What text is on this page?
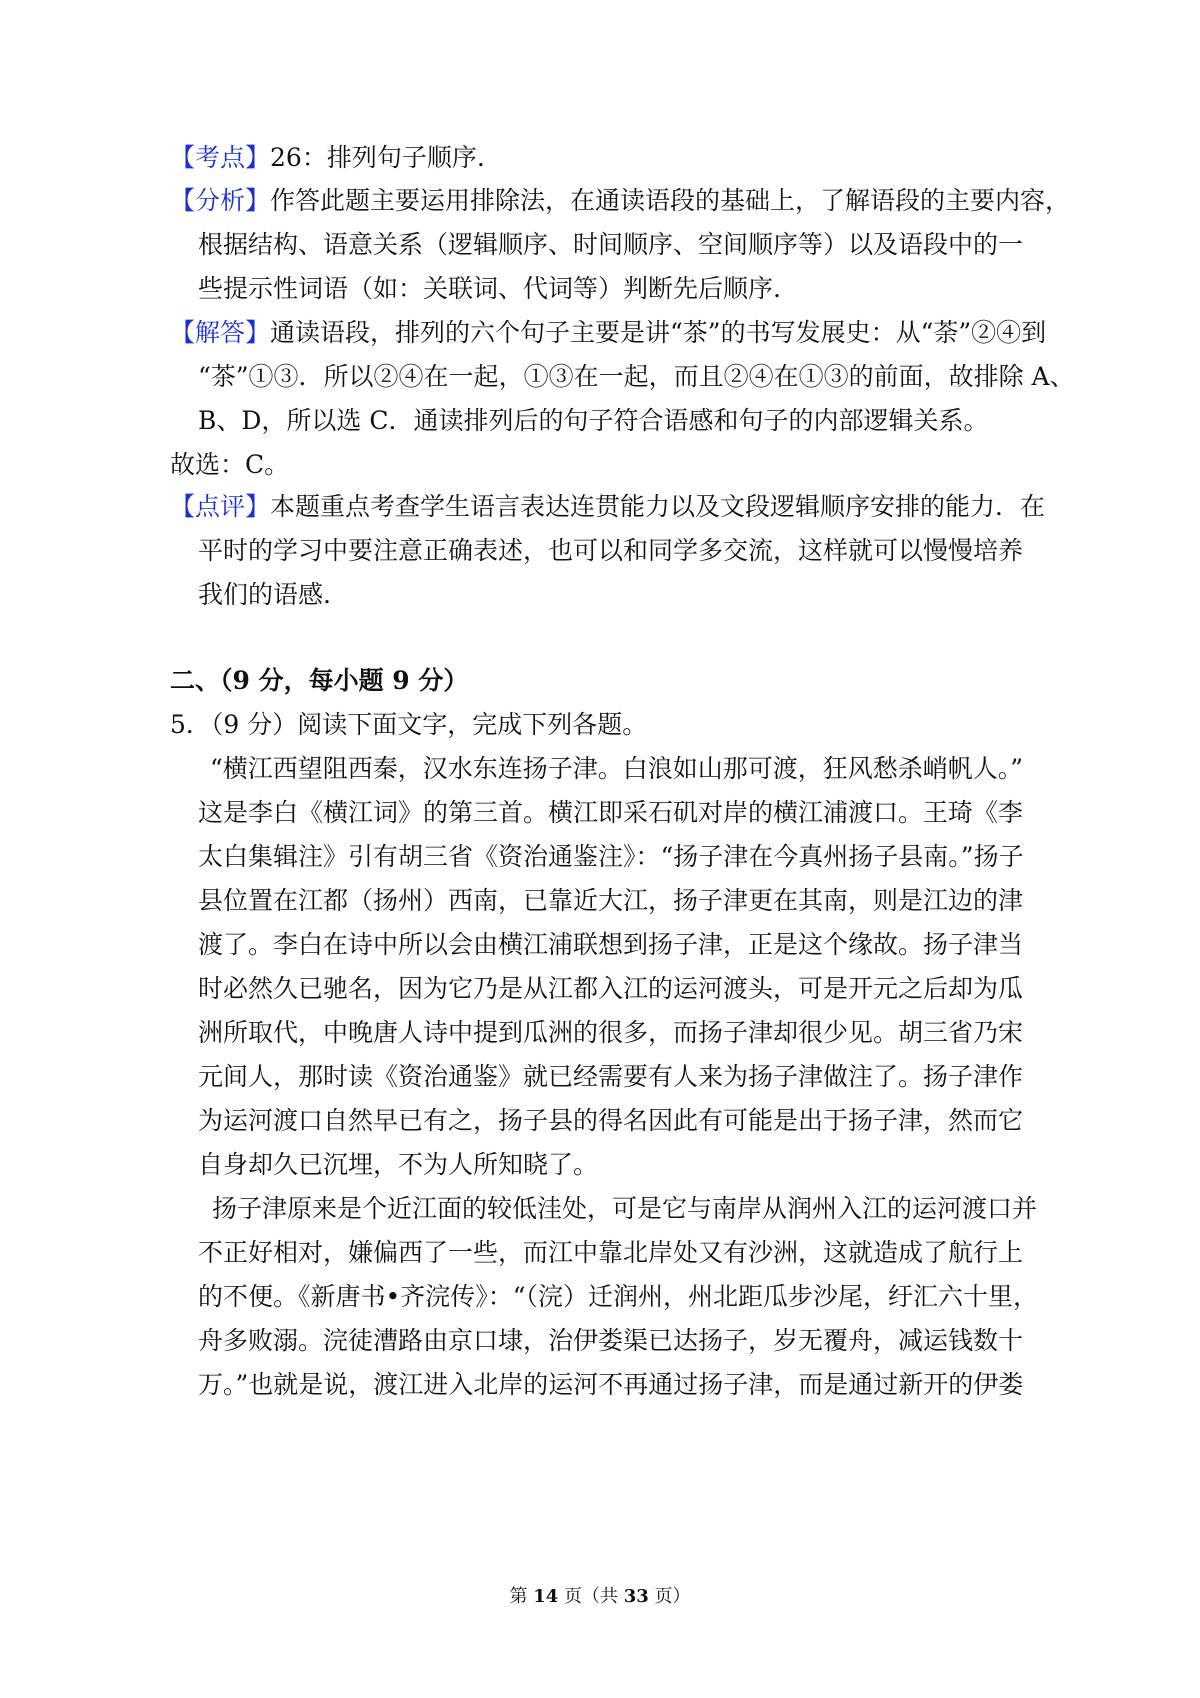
【考点】26：排列句子顺序.
【分析】作答此题主要运用排除法，在通读语段的基础上，了解语段的主要内容，
根据结构、语意关系（逻辑顺序、时间顺序、空间顺序等）以及语段中的一
些提示性词语（如：关联词、代词等）判断先后顺序.
【解答】通读语段，排列的六个句子主要是讲“茶”的书写发展史：从“荼”②④到
“茶”①③．所以②④在一起，①③在一起，而且②④在①③的前面，故排除 A、
B、D，所以选 C．通读排列后的句子符合语感和句子的内部逻辑关系。
故选：C。
【点评】本题重点考查学生语言表达连贯能力以及文段逻辑顺序安排的能力．在
平时的学习中要注意正确表述，也可以和同学多交流，这样就可以慢慢培养
我们的语感.
二、（9 分，每小题 9 分）
5．（9 分）阅读下面文字，完成下列各题。
“横江西望阻西秦，汉水东连扬子津。白浪如山那可渡，狂风愁杀峭帆人。”
这是李白《横江词》的第三首。横江即采石矶对岸的横江浦渡口。王琦《李
太白集辑注》引有胡三省《资治通鉴注》：“扬子津在今真州扬子县南。”扬子
县位置在江都（扬州）西南，已靠近大江，扬子津更在其南，则是江边的津
渡了。李白在诗中所以会由横江浦联想到扬子津，正是这个缘故。扬子津当
时必然久已驰名，因为它乃是从江都入江的运河渡头，可是开元之后却为瓜
洲所取代，中晚唐人诗中提到瓜洲的很多，而扬子津却很少见。胡三省乃宋
元间人，那时读《资治通鉴》就已经需要有人来为扬子津做注了。扬子津作
为运河渡口自然早已有之，扬子县的得名因此有可能是出于扬子津，然而它
自身却久已沉埋，不为人所知晓了。
扬子津原来是个近江面的较低洼处，可是它与南岸从润州入江的运河渡口并
不正好相对，嫌偏西了一些，而江中靠北岸处又有沙洲，这就造成了航行上
的不便。《新唐书•齐浣传》：“（浣）迁润州，州北距瓜步沙尾，纡汇六十里，
舟多败溺。浣徒漕路由京口埭，治伊娄渠已达扬子，岁无覆舟，减运钱数十
万。”也就是说，渡江进入北岸的运河不再通过扬子津，而是通过新开的伊娄
第 14 页（共 33 页）
